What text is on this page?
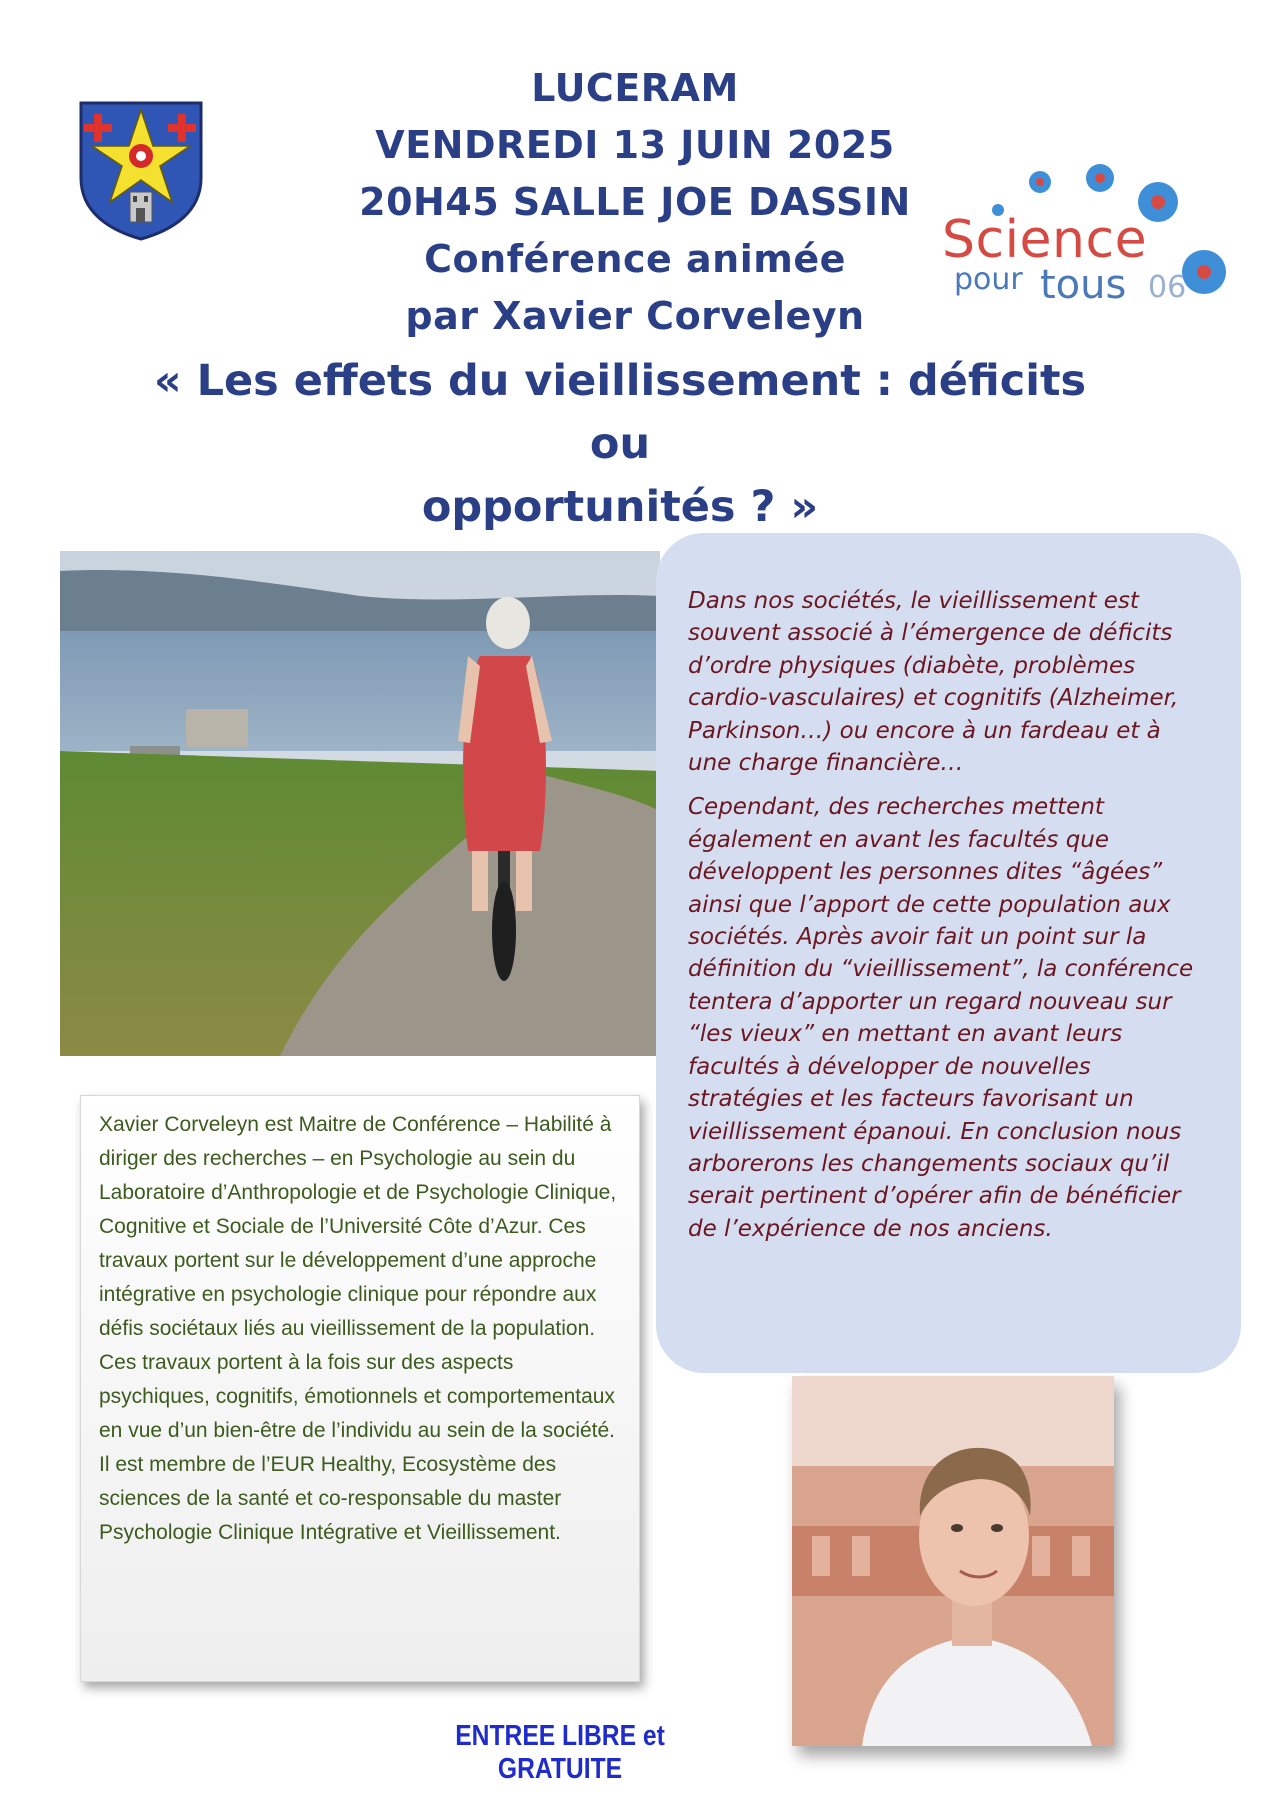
LUCERAM
VENDREDI 13 JUIN 2025
20H45 SALLE JOE DASSIN
Conférence animée
par Xavier Corveleyn
Science
pour tous 06
« Les effets du vieillissement : déficits ou
opportunités ? »

Dans nos sociétés, le vieillissement est souvent associé à l’émergence de déficits d’ordre physiques (diabète, problèmes cardio-vasculaires) et cognitifs (Alzheimer, Parkinson…) ou encore à un fardeau et à une charge financière…

Cependant, des recherches mettent également en avant les facultés que développent les personnes dites “âgées” ainsi que l’apport de cette population aux sociétés. Après avoir fait un point sur la définition du “vieillissement”, la conférence tentera d’apporter un regard nouveau sur “les vieux” en mettant en avant leurs facultés à développer de nouvelles stratégies et les facteurs favorisant un vieillissement épanoui. En conclusion nous arborerons les changements sociaux qu’il serait pertinent d’opérer afin de bénéficier de l’expérience de nos anciens.

Xavier Corveleyn est Maitre de Conférence – Habilité à diriger des recherches – en Psychologie au sein du Laboratoire d’Anthropologie et de Psychologie Clinique, Cognitive et Sociale de l’Université Côte d’Azur. Ces travaux portent sur le développement d’une approche intégrative en psychologie clinique pour répondre aux défis sociétaux liés au vieillissement de la population. Ces travaux portent à la fois sur des aspects psychiques, cognitifs, émotionnels et comportementaux en vue d’un bien-être de l’individu au sein de la société. Il est membre de l’EUR Healthy, Ecosystème des sciences de la santé et co-responsable du master Psychologie Clinique Intégrative et Vieillissement.
ENTREE LIBRE et GRATUITE
